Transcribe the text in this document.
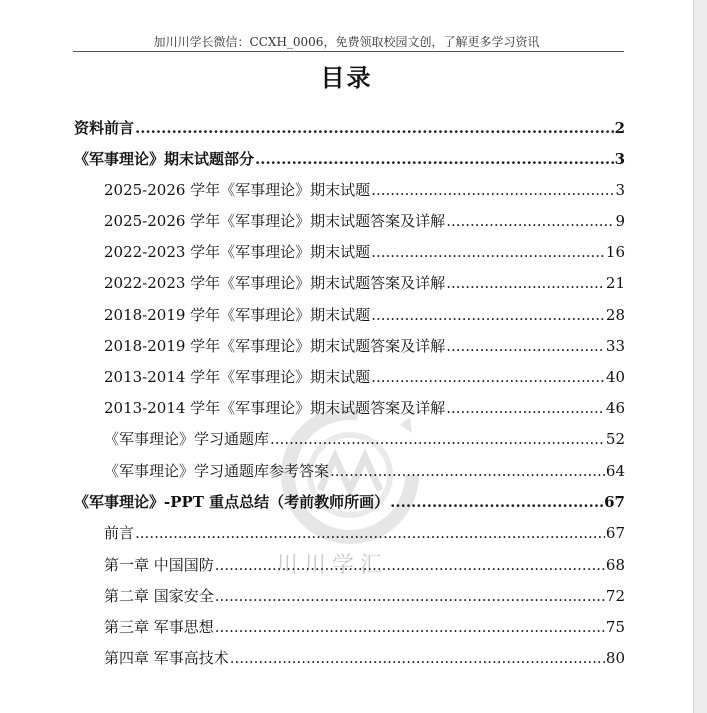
加川川学长微信：CCXH_0006，免费领取校园文创，了解更多学习资讯
目录
川川学汇
资料前言 .....	2
《军事理论》期末试题部分 .....	3
2025-2026 学年《军事理论》期末试题 .....	3
2025-2026 学年《军事理论》期末试题答案及详解 .....	9
2022-2023 学年《军事理论》期末试题 .....	16
2022-2023 学年《军事理论》期末试题答案及详解 .....	21
2018-2019 学年《军事理论》期末试题 .....	28
2018-2019 学年《军事理论》期末试题答案及详解 .....	33
2013-2014 学年《军事理论》期末试题 .....	40
2013-2014 学年《军事理论》期末试题答案及详解 .....	46
《军事理论》学习通题库 .....	52
《军事理论》学习通题库参考答案 .....	64
《军事理论》-PPT 重点总结（考前教师所画） .....	67
前言 .....	67
第一章 中国国防 .....	68
第二章 国家安全 .....	72
第三章 军事思想 .....	75
第四章 军事高技术 .....	80
